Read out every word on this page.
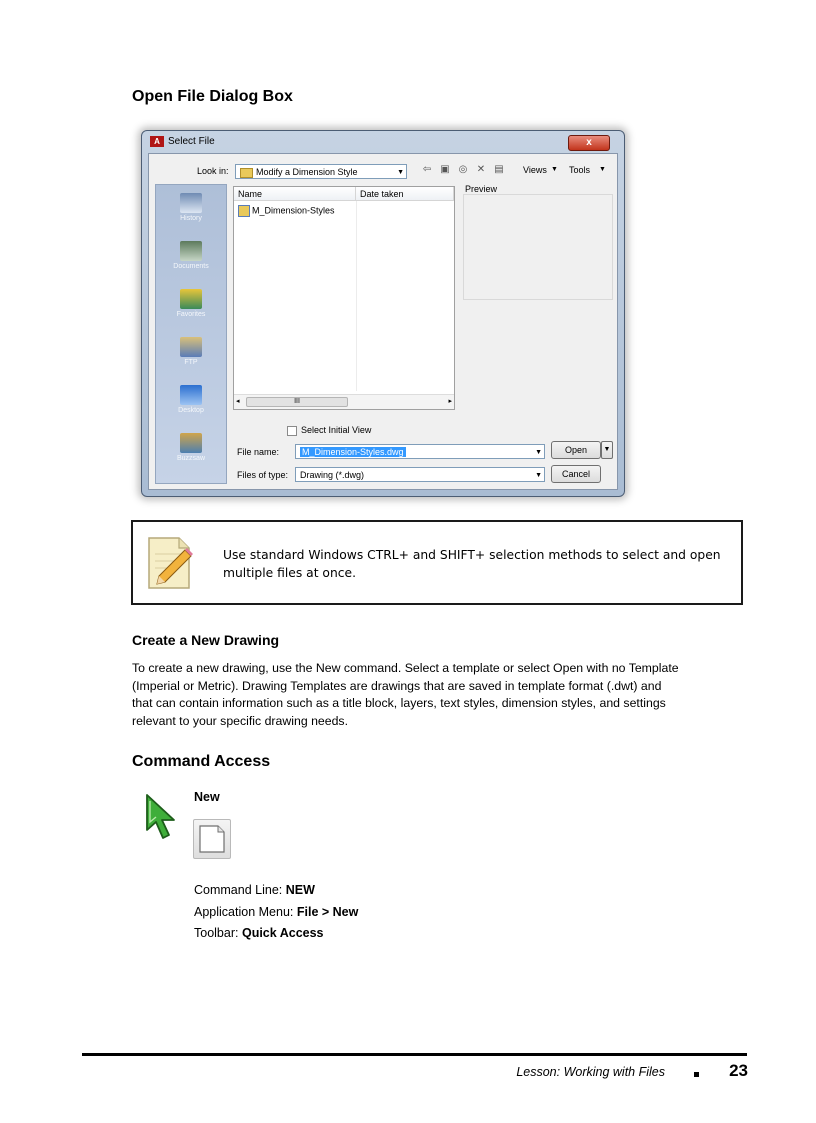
Open File Dialog Box
A Select File	x
Look in:	Modify a Dimension Style	▼ ⇦ ▣ ◎ ✕ ▤ Views ▼ Tools ▼
History
Documents
Favorites
FTP
Desktop
Buzzsaw
Name	Date taken
M_Dimension-Styles
◂	III	▸
Preview
Select Initial View
File name:	M_Dimension-Styles.dwg	▼
Files of type:	Drawing (*.dwg)	▼
Open	▼
Cancel
Use standard Windows CTRL+ and SHIFT+ selection methods to select and open
multiple files at once.
Create a New Drawing
To create a new drawing, use the New command. Select a template or select Open with no Template
(Imperial or Metric). Drawing Templates are drawings that are saved in template format (.dwt) and
that can contain information such as a title block, layers, text styles, dimension styles, and settings
relevant to your specific drawing needs.
Command Access
New
Command Line: NEW
Application Menu: File > New
Toolbar: Quick Access
Lesson: Working with Files	23
